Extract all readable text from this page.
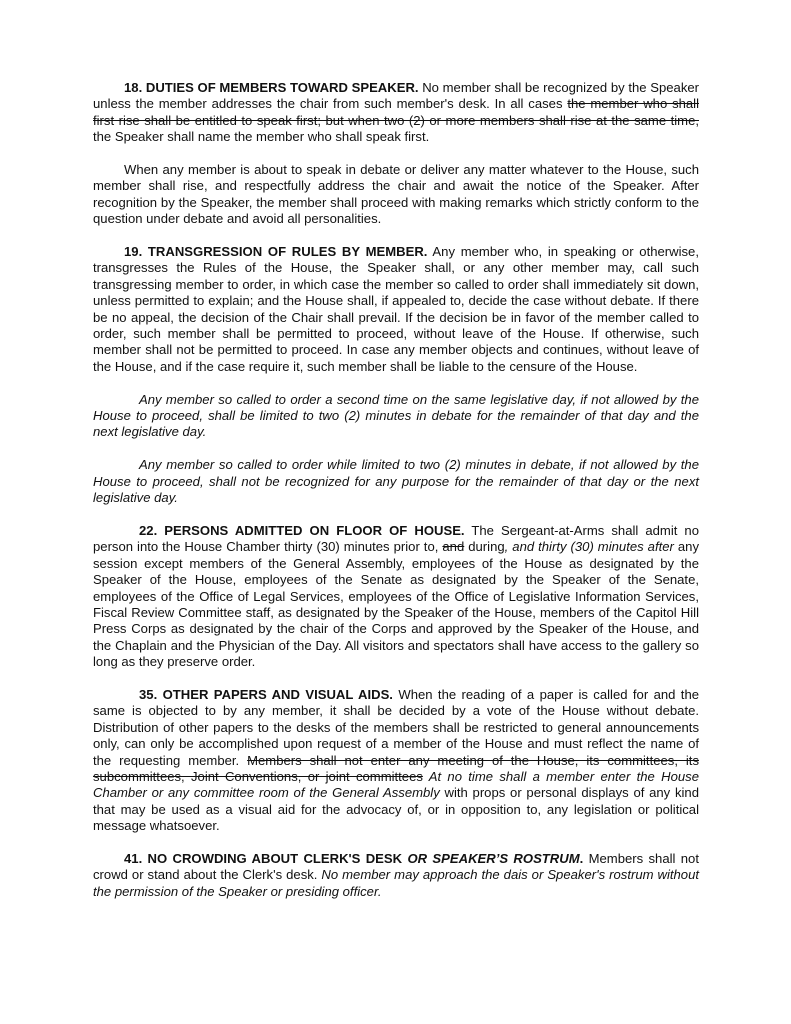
18. DUTIES OF MEMBERS TOWARD SPEAKER. No member shall be recognized by the Speaker unless the member addresses the chair from such member's desk. In all cases the member who shall first rise shall be entitled to speak first; but when two (2) or more members shall rise at the same time, the Speaker shall name the member who shall speak first.

When any member is about to speak in debate or deliver any matter whatever to the House, such member shall rise, and respectfully address the chair and await the notice of the Speaker. After recognition by the Speaker, the member shall proceed with making remarks which strictly conform to the question under debate and avoid all personalities.

19. TRANSGRESSION OF RULES BY MEMBER. Any member who, in speaking or otherwise, transgresses the Rules of the House, the Speaker shall, or any other member may, call such transgressing member to order, in which case the member so called to order shall immediately sit down, unless permitted to explain; and the House shall, if appealed to, decide the case without debate. If there be no appeal, the decision of the Chair shall prevail. If the decision be in favor of the member called to order, such member shall be permitted to proceed, without leave of the House. If otherwise, such member shall not be permitted to proceed. In case any member objects and continues, without leave of the House, and if the case require it, such member shall be liable to the censure of the House.

Any member so called to order a second time on the same legislative day, if not allowed by the House to proceed, shall be limited to two (2) minutes in debate for the remainder of that day and the next legislative day.

Any member so called to order while limited to two (2) minutes in debate, if not allowed by the House to proceed, shall not be recognized for any purpose for the remainder of that day or the next legislative day.

22. PERSONS ADMITTED ON FLOOR OF HOUSE. The Sergeant-at-Arms shall admit no person into the House Chamber thirty (30) minutes prior to, and during, and thirty (30) minutes after any session except members of the General Assembly, employees of the House as designated by the Speaker of the House, employees of the Senate as designated by the Speaker of the Senate, employees of the Office of Legal Services, employees of the Office of Legislative Information Services, Fiscal Review Committee staff, as designated by the Speaker of the House, members of the Capitol Hill Press Corps as designated by the chair of the Corps and approved by the Speaker of the House, and the Chaplain and the Physician of the Day. All visitors and spectators shall have access to the gallery so long as they preserve order.

35. OTHER PAPERS AND VISUAL AIDS. When the reading of a paper is called for and the same is objected to by any member, it shall be decided by a vote of the House without debate. Distribution of other papers to the desks of the members shall be restricted to general announcements only, can only be accomplished upon request of a member of the House and must reflect the name of the requesting member. Members shall not enter any meeting of the House, its committees, its subcommittees, Joint Conventions, or joint committees At no time shall a member enter the House Chamber or any committee room of the General Assembly with props or personal displays of any kind that may be used as a visual aid for the advocacy of, or in opposition to, any legislation or political message whatsoever.

41. NO CROWDING ABOUT CLERK'S DESK OR SPEAKER’S ROSTRUM. Members shall not crowd or stand about the Clerk's desk. No member may approach the dais or Speaker's rostrum without the permission of the Speaker or presiding officer.
